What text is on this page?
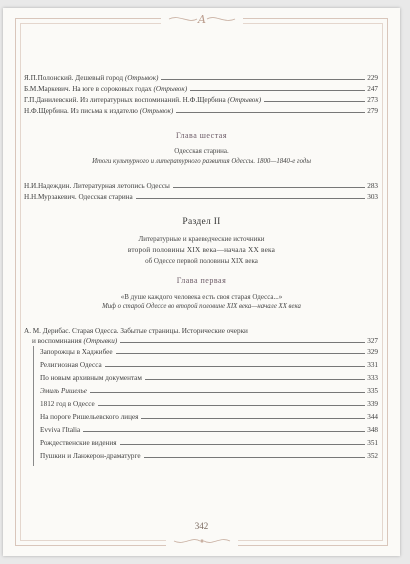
A
Я.П.Полонский. Дешевый город (Отрывок)	229
Б.М.Маркевич. На юге в сороковых годах (Отрывок)	247
Г.П.Данилевский. Из литературных воспоминаний. Н.Ф.Щербина (Отрывок)	273
Н.Ф.Щербина. Из письма к издателю (Отрывок)	279
Глава шестая
Одесская старина.
Итоги культурного и литературного развития Одессы. 1800—1840-е годы
Н.И.Надеждин. Литературная летопись Одессы	283
Н.Н.Мурзакевич. Одесская старина	303
Раздел II
Литературные и краеведческие источники
второй половины XIX века—начала XX века
об Одессе первой половины XIX века
Глава первая
«В душе каждого человека есть своя старая Одесса...»
Миф о старой Одессе во второй половине XIX века—начале XX века
А. М. Дерибас. Старая Одесса. Забытые страницы. Исторические очерки
и воспоминания (Отрывки)	327
Запорожцы в Хаджибее	329
Религиозная Одесса	331
По новым архивным документам	333
Эмиль Ришелье	335
1812 год в Одессе	339
На пороге Ришельевского лицея	344
Evviva l'Italia	348
Рождественские видения	351
Пушкин и Ланжерон-драматурге	352
342
